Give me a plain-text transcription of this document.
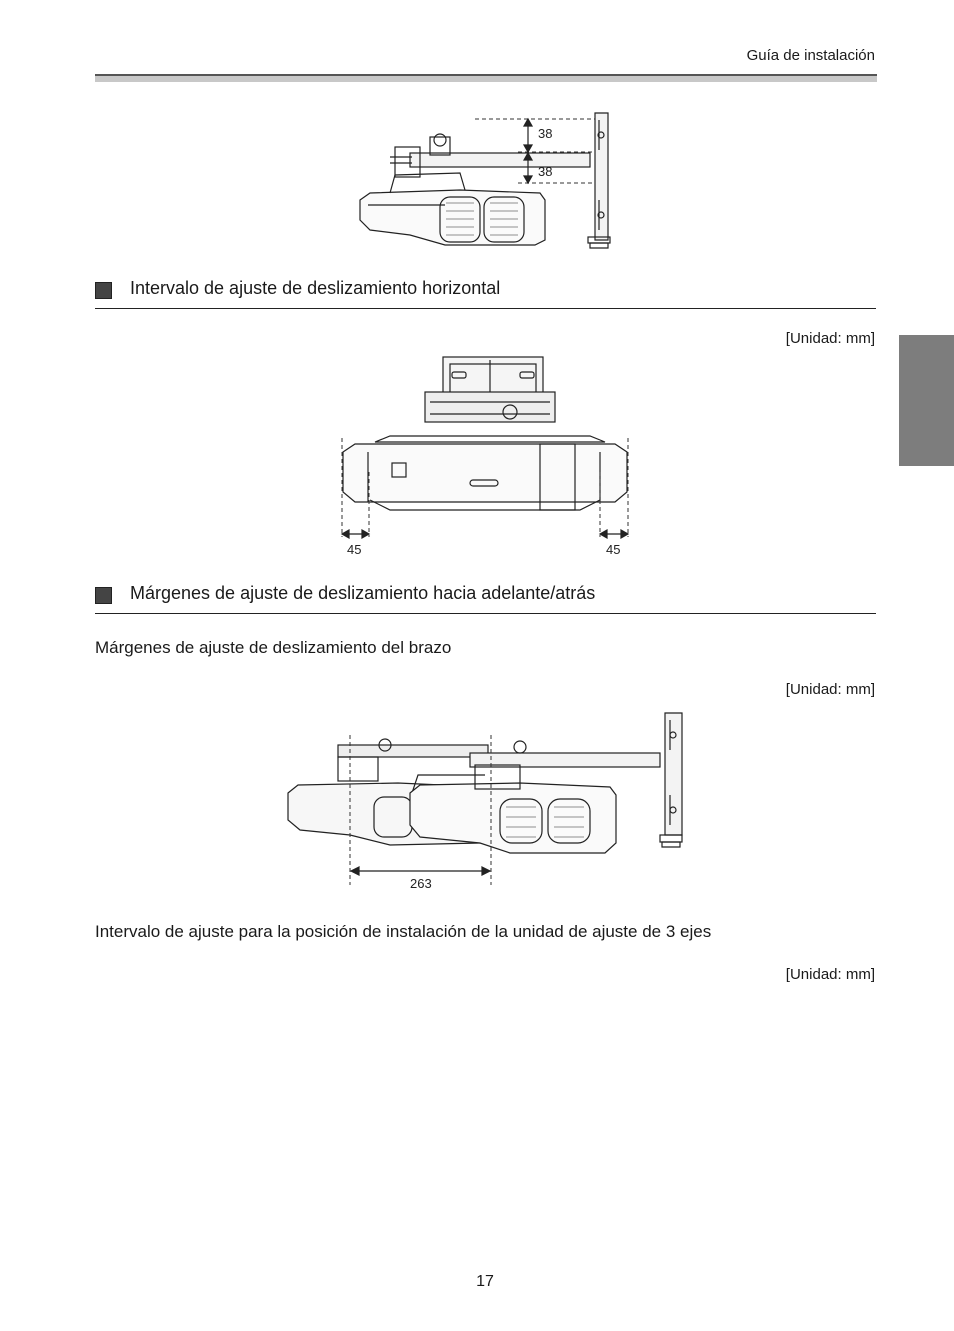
Guía de instalación
38
38
Intervalo de ajuste de deslizamiento horizontal
[Unidad: mm]
45	45
Márgenes de ajuste de deslizamiento hacia adelante/atrás
Márgenes de ajuste de deslizamiento del brazo
[Unidad: mm]
263
Intervalo de ajuste para la posición de instalación de la unidad de ajuste de 3 ejes
[Unidad: mm]
17
